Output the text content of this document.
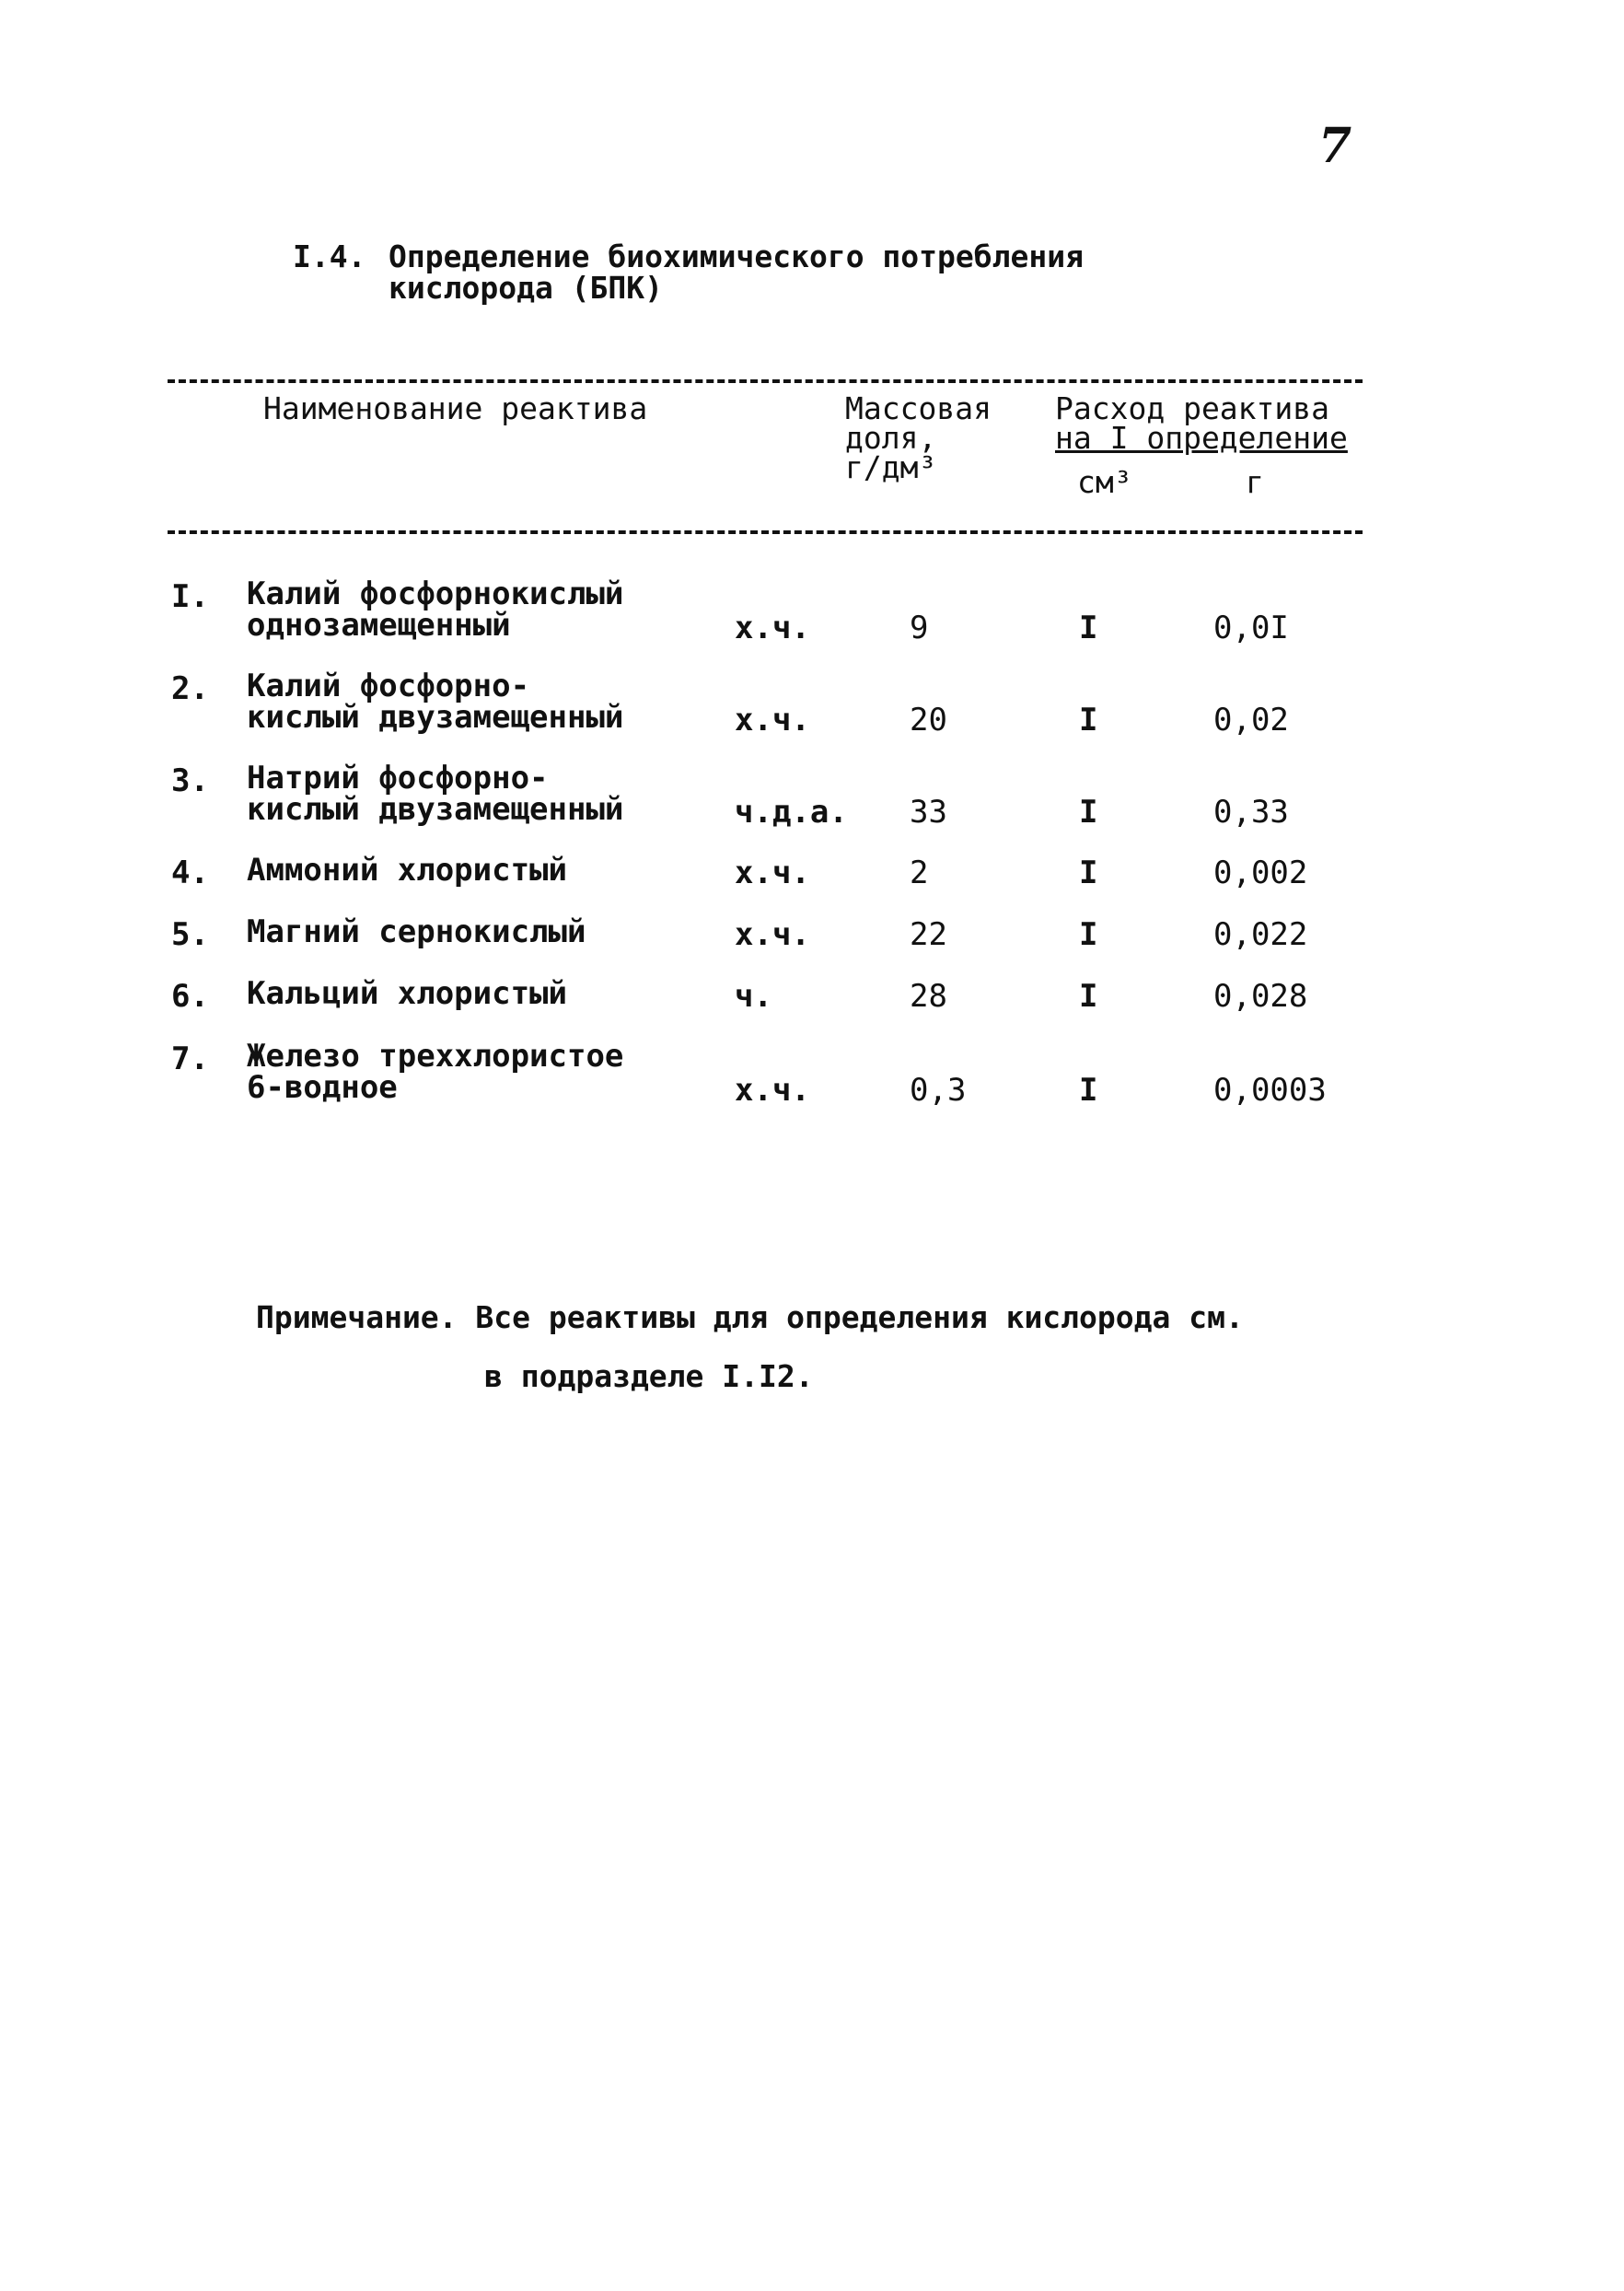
7
I.4. Определение биохимического потребления
кислорода (БПК)
Наименование реактива	Массовая
доля,
г/дм³
Расход реактива
на I определение
см³	г
I. Калий фосфорнокислый
однозамещенный	х.ч.	9	I	0,0I
2. Калий фосфорно-
кислый двузамещенный	х.ч.	20	I	0,02
3. Натрий фосфорно-
кислый двузамещенный	ч.д.а. 33	I	0,33
4. Аммоний хлористый	х.ч.	2	I	0,002
5. Магний сернокислый	х.ч.	22	I	0,022
6. Кальций хлористый	ч.	28	I	0,028
7. Железо треххлористое
6-водное	х.ч.	0,3	I	0,0003
Примечание. Все реактивы для определения кислорода см.
в подразделе I.I2.
